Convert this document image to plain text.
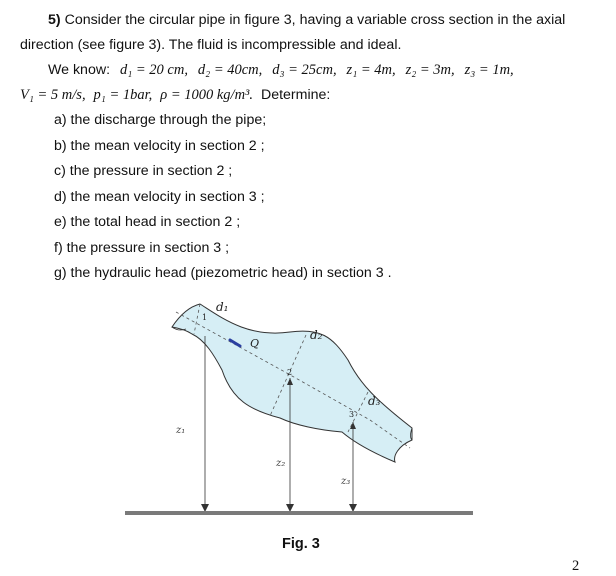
5) Consider the circular pipe in figure 3, having a variable cross section in the axial
direction (see figure 3). The fluid is incompressible and ideal.
We know: d₁ = 20 cm, d₂ = 40cm, d₃ = 25cm, z₁ = 4m, z₂ = 3m, z₃ = 1m,
V₁ = 5 m/s, p₁ = 1bar, ρ = 1000 kg/m³. Determine:
a) the discharge through the pipe;
b) the mean velocity in section 2 ;
c) the pressure in section 2 ;
d) the mean velocity in section 3 ;
e) the total head in section 2 ;
f) the pressure in section 3 ;
g) the hydraulic head (piezometric head) in section 3 .
d₁
d₂
d₃
Q
1
2
3
z₁
z₂
z₃
Fig. 3
2
